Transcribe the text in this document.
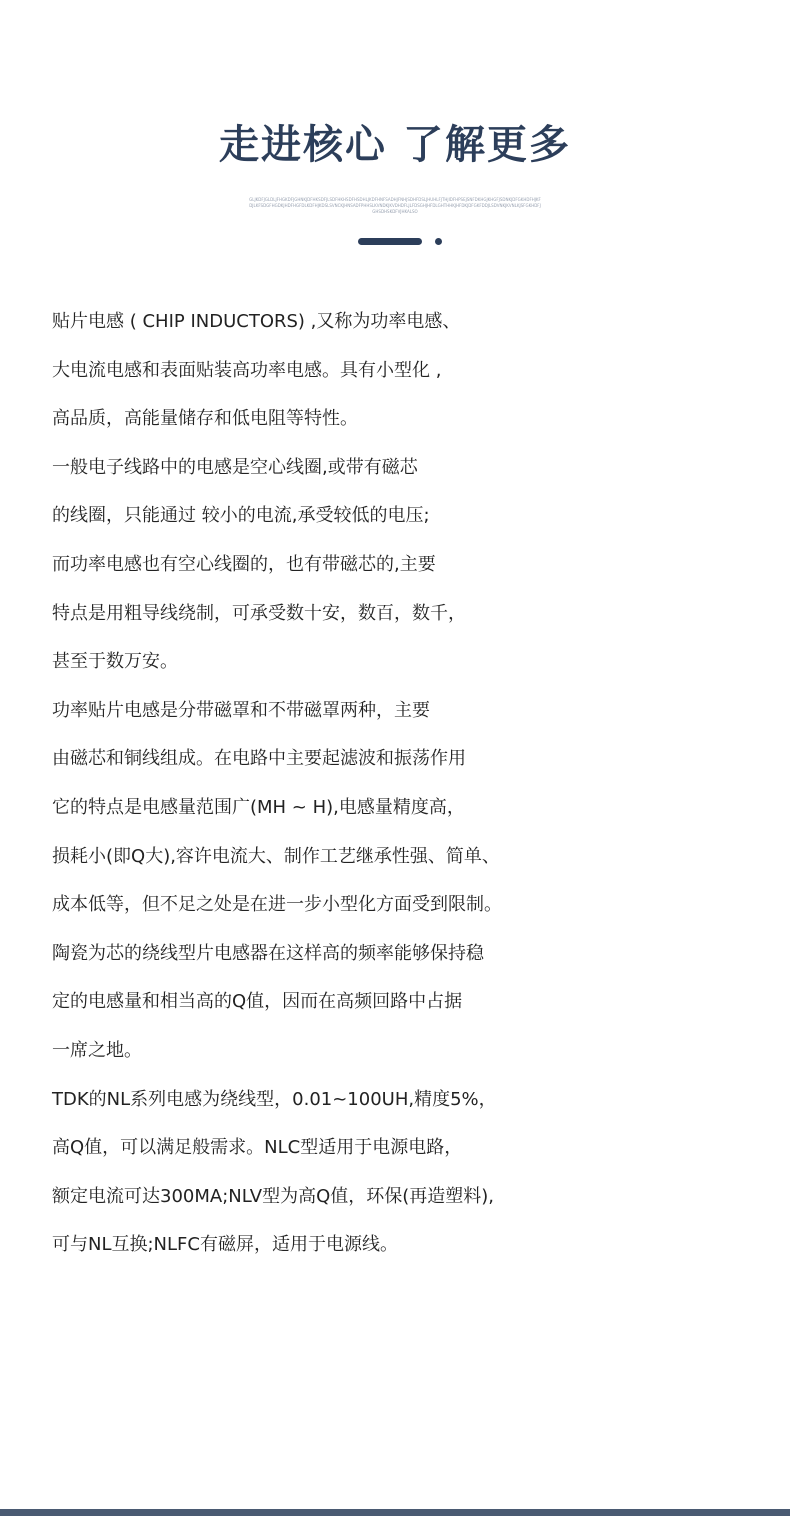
走进核心 了解更多

GLJKDFJGLDLJFHGKDFJGHNKJDFHKSDFJLSDFHKHSDFHSDHLJKDFHNFSADHJFNHJSDHFDSLJHUHLFJTHJIDFHPSEJSNFDKHGJKHGFJSDNKJDFGKHDFHJKFDJLKFSDGFHGDKJHDFHGFDLKDFHJKDSLSVNCKJHNSADFPHHSLKVNDKJKVDHDFLJLFDSGHJHFDLGHTHHKJHFDKJDFGKFDDJLSDVNKJKVNLKJSFGKHDFJGHSDHSKDFVJHKALSO

贴片电感 ( CHIP INDUCTORS) ,又称为功率电感、

大电流电感和表面贴装高功率电感。具有小型化 ,

高品质，高能量储存和低电阻等特性。

一般电子线路中的电感是空心线圈,或带有磁芯

的线圈，只能通过 较小的电流,承受较低的电压;

而功率电感也有空心线圈的，也有带磁芯的,主要

特点是用粗导线绕制，可承受数十安，数百，数千，

甚至于数万安。

功率贴片电感是分带磁罩和不带磁罩两种，主要

由磁芯和铜线组成。在电路中主要起滤波和振荡作用

它的特点是电感量范围广(MH ~ H),电感量精度高，

损耗小(即Q大),容许电流大、制作工艺继承性强、简单、

成本低等，但不足之处是在进一步小型化方面受到限制。

陶瓷为芯的绕线型片电感器在这样高的频率能够保持稳

定的电感量和相当高的Q值，因而在高频回路中占据

一席之地。

TDK的NL系列电感为绕线型，0.01~100UH,精度5%，

高Q值，可以满足般需求。NLC型适用于电源电路，

额定电流可达300MA;NLV型为高Q值，环保(再造塑料),

可与NL互换;NLFC有磁屏，适用于电源线。
